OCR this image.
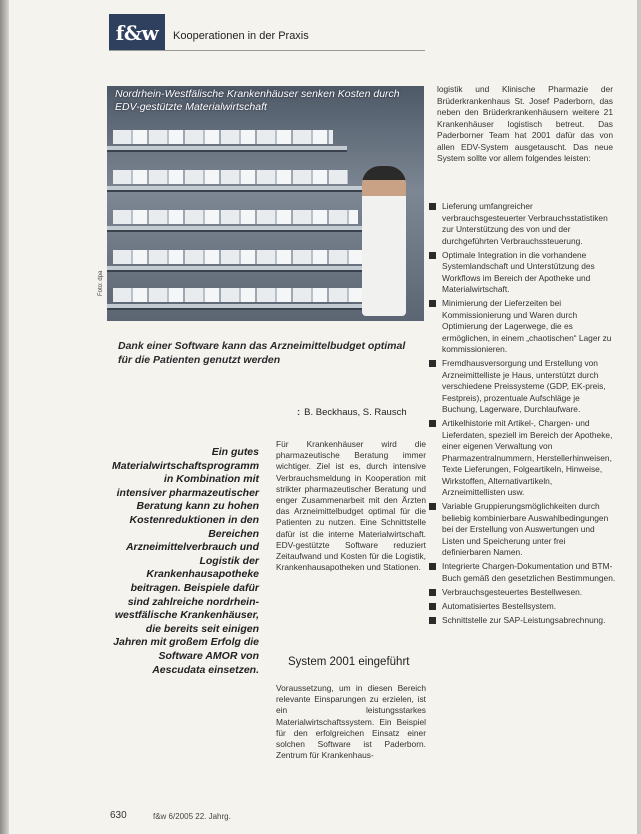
f&w	Kooperationen in der Praxis
Nordrhein-Westfälische Krankenhäuser senken Kosten durch EDV-gestützte Materialwirtschaft
Foto: dpa
Dank einer Software kann das Arzneimittelbudget optimal für die Patienten genutzt werden
: B. Beckhaus, S. Rausch
Ein gutes Materialwirtschaftsprogramm in Kombination mit intensiver pharmazeutischer Beratung kann zu hohen Kostenreduktionen in den Bereichen Arzneimittelverbrauch und Logistik der Krankenhausapotheke beitragen. Beispiele dafür sind zahlreiche nordrhein-westfälische Krankenhäuser, die bereits seit einigen Jahren mit großem Erfolg die Software AMOR von Aescudata einsetzen.
Für Krankenhäuser wird die pharmazeutische Beratung immer wichtiger. Ziel ist es, durch intensive Verbrauchsmeldung in Kooperation mit strikter pharmazeutischer Beratung und enger Zusammenarbeit mit den Ärzten das Arzneimittelbudget optimal für die Patienten zu nutzen. Eine Schnittstelle dafür ist die interne Materialwirtschaft. EDV-gestützte Software reduziert Zeitaufwand und Kosten für die Logistik, Krankenhausapotheken und Stationen.
System 2001 eingeführt
Voraussetzung, um in diesen Bereich relevante Einsparungen zu erzielen, ist ein leistungsstarkes Materialwirtschaftssystem. Ein Beispiel für den erfolgreichen Einsatz einer solchen Software ist Paderborn. Zentrum für Krankenhaus-
logistik und Klinische Pharmazie der Brüderkrankenhaus St. Josef Paderborn, das neben den Brüderkrankenhäusern weitere 21 Krankenhäuser logistisch betreut. Das Paderborner Team hat 2001 dafür das von allen EDV-System ausgetauscht. Das neue System sollte vor allem folgendes leisten:
Lieferung umfangreicher verbrauchsgesteuerter Verbrauchsstatistiken zur Unterstützung des von und der durchgeführten Verbrauchssteuerung.
Optimale Integration in die vorhandene Systemlandschaft und Unterstützung des Workflows im Bereich der Apotheke und Materialwirtschaft.
Minimierung der Lieferzeiten bei Kommissionierung und Waren durch Optimierung der Lagerwege, die es ermöglichen, in einem „chaotischen“ Lager zu kommissionieren.
Fremdhausversorgung und Erstellung von Arzneimittelliste je Haus, unterstützt durch verschiedene Preissysteme (GDP, EK-preis, Festpreis), prozentuale Aufschläge je Buchung, Lagerware, Durchlaufware.
Artikelhistorie mit Artikel-, Chargen- und Lieferdaten, speziell im Bereich der Apotheke, einer eigenen Verwaltung von Pharmazentralnummern, Herstellerhinweisen, Texte Lieferungen, Folgeartikeln, Hinweise, Wirkstoffen, Alternativartikeln, Arzneimittellisten usw.
Variable Gruppierungsmöglichkeiten durch beliebig kombinierbare Auswahlbedingungen bei der Erstellung von Auswertungen und Listen und Speicherung unter frei definierbaren Namen.
Integrierte Chargen-Dokumentation und BTM-Buch gemäß den gesetzlichen Bestimmungen.
Verbrauchsgesteuertes Bestellwesen.
Automatisiertes Bestellsystem.
Schnittstelle zur SAP-Leistungsabrechnung.
630	f&w 6/2005 22. Jahrg.
